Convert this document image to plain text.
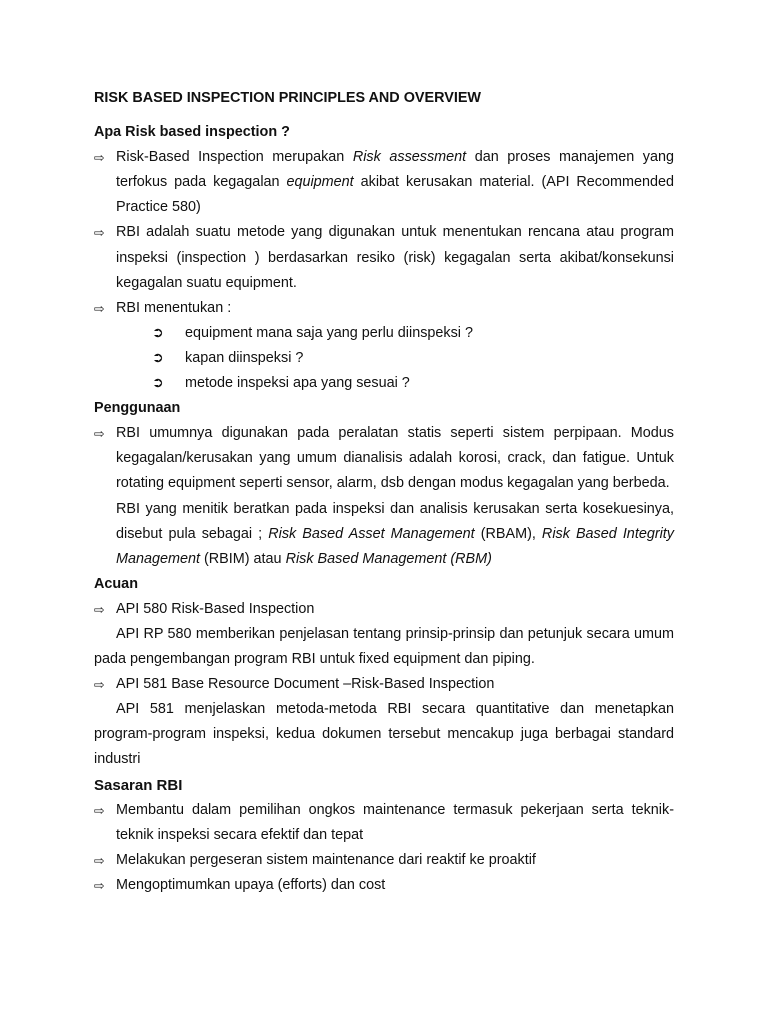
RISK BASED INSPECTION PRINCIPLES AND OVERVIEW
Apa Risk based inspection ?
⇨ Risk-Based Inspection merupakan Risk assessment dan proses manajemen yang terfokus pada kegagalan equipment akibat kerusakan material. (API Recommended Practice 580)
⇨ RBI adalah suatu metode yang digunakan untuk menentukan rencana atau program inspeksi (inspection ) berdasarkan resiko (risk) kegagalan serta akibat/konsekunsi kegagalan suatu equipment.
⇨ RBI menentukan :
➲ equipment mana saja yang perlu diinspeksi ?
➲ kapan diinspeksi ?
➲ metode inspeksi apa yang sesuai ?
Penggunaan
⇨ RBI umumnya digunakan pada peralatan statis seperti sistem perpipaan. Modus kegagalan/kerusakan yang umum dianalisis adalah korosi, crack, dan fatigue. Untuk rotating equipment seperti sensor, alarm, dsb dengan modus kegagalan yang berbeda.
RBI yang menitik beratkan pada inspeksi dan analisis kerusakan serta kosekuesinya, disebut pula sebagai ; Risk Based Asset Management (RBAM), Risk Based Integrity Management (RBIM) atau Risk Based Management (RBM)
Acuan
⇨ API 580 Risk-Based Inspection
API RP 580 memberikan penjelasan tentang prinsip-prinsip dan petunjuk secara umum pada pengembangan program RBI untuk fixed equipment dan piping.
⇨ API 581 Base Resource Document –Risk-Based Inspection
API 581 menjelaskan metoda-metoda RBI secara quantitative dan menetapkan program-program inspeksi, kedua dokumen tersebut mencakup juga berbagai standard industri
Sasaran RBI
⇨ Membantu dalam pemilihan ongkos maintenance termasuk pekerjaan serta teknik-teknik inspeksi secara efektif dan tepat
⇨ Melakukan pergeseran sistem maintenance dari reaktif ke proaktif
⇨ Mengoptimumkan upaya (efforts) dan cost
